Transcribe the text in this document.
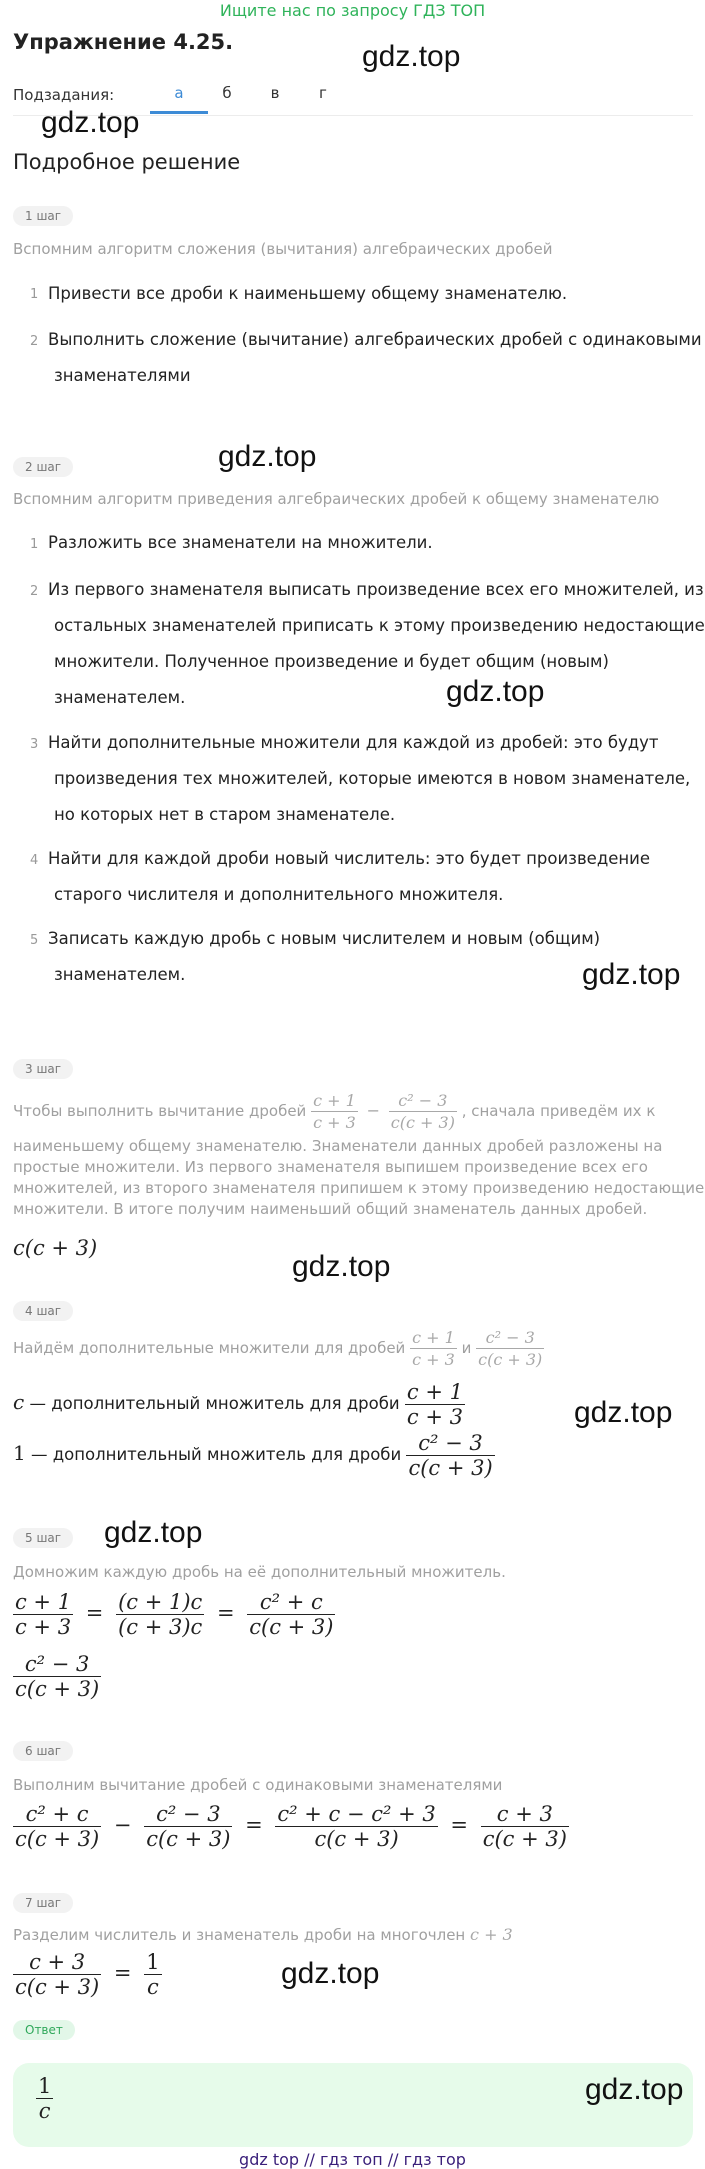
Ищите нас по запросу ГДЗ ТОП
Упражнение 4.25.	gdz.top
Подзадания:	а	б	в	г
gdz.top
Подробное решение
1 шаг
Вспомним алгоритм сложения (вычитания) алгебраических дробей
1 Привести все дроби к наименьшему общему знаменателю.
2 Выполнить сложение (вычитание) алгебраических дробей с одинаковыми
знаменателями
gdz.top
2 шаг
Вспомним алгоритм приведения алгебраических дробей к общему знаменателю
1 Разложить все знаменатели на множители.
2 Из первого знаменателя выписать произведение всех его множителей, из
остальных знаменателей приписать к этому произведению недостающие
множители. Полученное произведение и будет общим (новым)
знаменателем.	gdz.top
3 Найти дополнительные множители для каждой из дробей: это будут
произведения тех множителей, которые имеются в новом знаменателе,
но которых нет в старом знаменателе.
4 Найти для каждой дроби новый числитель: это будет произведение
старого числителя и дополнительного множителя.
5 Записать каждую дробь с новым числителем и новым (общим)
знаменателем.	gdz.top
3 шаг
Чтобы выполнить вычитание дробей $\frac{c + 1}{c + 3} - \frac{\text{c² − 3}}{c(c + 3)}$ , сначала приведём их к
наименьшему общему знаменателю. Знаменатели данных дробей разложены на
простые множители. Из первого знаменателя выпишем произведение всех его
множителей, из второго знаменателя припишем к этому произведению недостающие
множители. В итоге получим наименьший общий знаменатель данных дробей.
c(c + 3)
gdz.top
4 шаг
Найдём дополнительные множители для дробей $\frac{c + 1}{c + 3}$ и $\frac{\text{c² − 3}}{c(c + 3)}$
c — дополнительный множитель для дроби $\frac{c + 1}{c + 3}$	gdz.top
1 — дополнительный множитель для дроби $\frac{\text{c² − 3}}{c(c + 3)}$
5 шаг	gdz.top
Домножим каждую дробь на её дополнительный множитель.
$\frac{c + 1}{c + 3} = \frac{(c + 1)c}{(c + 3)c} = \frac{\text{c² + c}}{c(c + 3)}$
$\frac{\text{c² − 3}}{c(c + 3)}$
6 шаг
Выполним вычитание дробей с одинаковыми знаменателями
$\frac{\text{c² + c}}{c(c + 3)} - \frac{\text{c² − 3}}{c(c + 3)} = \frac{\text{c² + c − c² + 3}}{c(c + 3)} = \frac{c + 3}{c(c + 3)}$
7 шаг
Разделим числитель и знаменатель дроби на многочлен c + 3
$\frac{c + 3}{c(c + 3)} = \frac{1}{c}$	gdz.top
Ответ
$\frac{1}{c}$	gdz.top
gdz top // гдз топ // гдз тор
